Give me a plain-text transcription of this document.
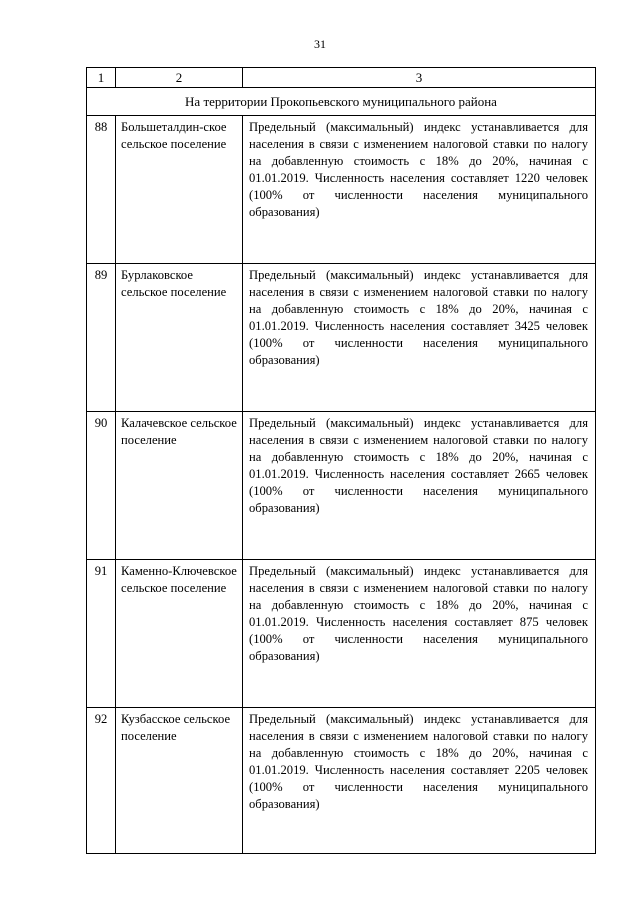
31
1	2	3
На территории Прокопьевского муниципального района		
88	Большеталдин-ское сельское поселение	Предельный (максимальный) индекс устанавливается для населения в связи с изменением налоговой ставки по налогу на добавленную стоимость с 18% до 20%, начиная с 01.01.2019. Численность населения составляет 1220 человек (100% от численности населения муниципального образования)

89	Бурлаковское сельское поселение	Предельный (максимальный) индекс устанавливается для населения в связи с изменением налоговой ставки по налогу на добавленную стоимость с 18% до 20%, начиная с 01.01.2019. Численность населения составляет 3425 человек (100% от численности населения муниципального образования)

90	Калачевское сельское поселение	Предельный (максимальный) индекс устанавливается для населения в связи с изменением налоговой ставки по налогу на добавленную стоимость с 18% до 20%, начиная с 01.01.2019. Численность населения составляет 2665 человек (100% от численности населения муниципального образования)

91	Каменно-Ключевское сельское поселение	Предельный (максимальный) индекс устанавливается для населения в связи с изменением налоговой ставки по налогу на добавленную стоимость с 18% до 20%, начиная с 01.01.2019. Численность населения составляет 875 человек (100% от численности населения муниципального образования)

92	Кузбасское сельское поселение	Предельный (максимальный) индекс устанавливается для населения в связи с изменением налоговой ставки по налогу на добавленную стоимость с 18% до 20%, начиная с 01.01.2019. Численность населения составляет 2205 человек (100% от численности населения муниципального образования)
